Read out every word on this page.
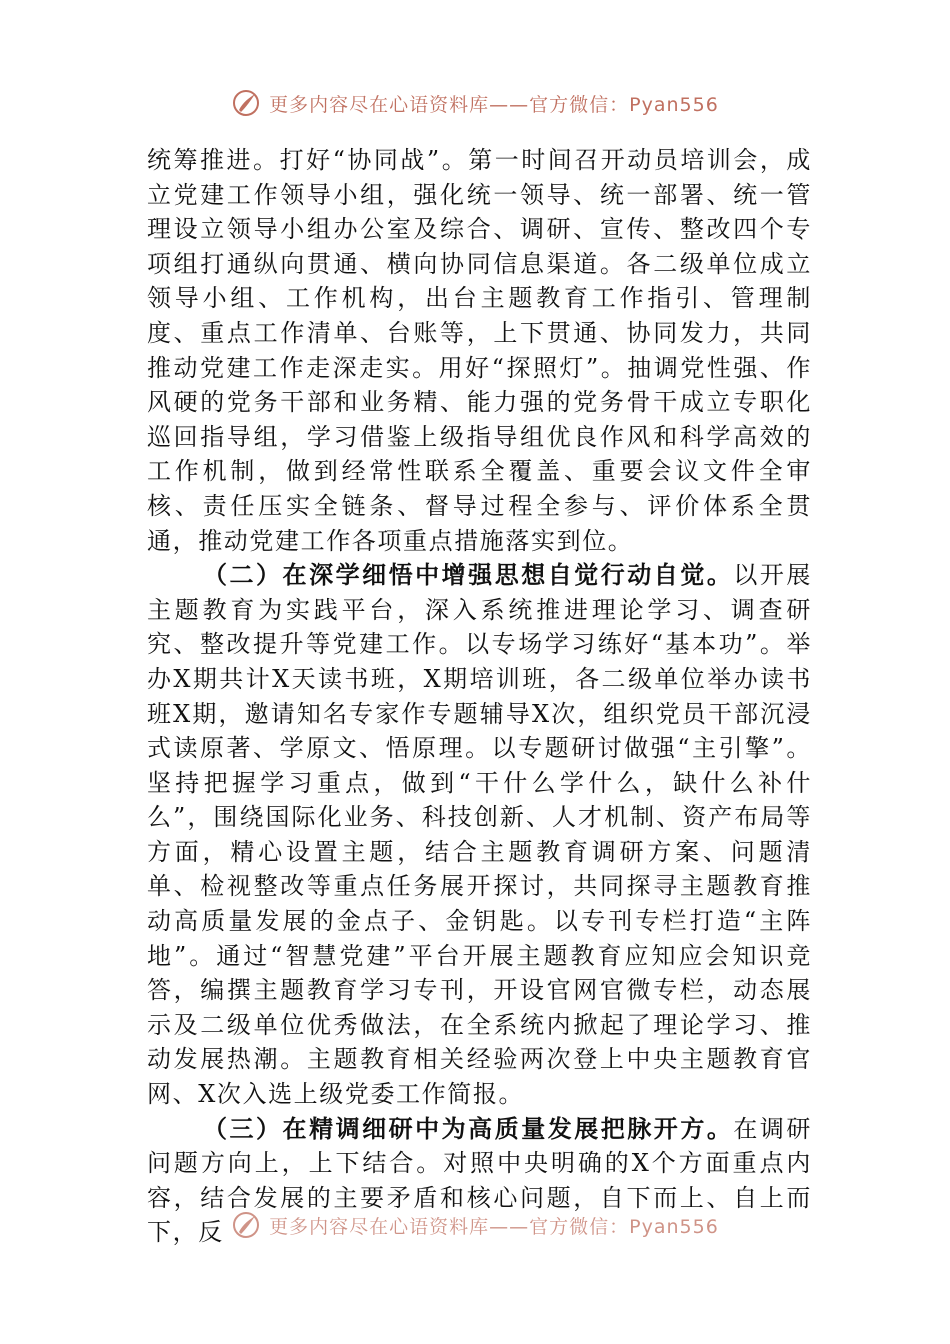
更多内容尽在心语资料库——官方微信：Pyan556

统筹推进。打好“协同战”。第一时间召开动员培训会，成立党建工作领导小组，强化统一领导、统一部署、统一管理设立领导小组办公室及综合、调研、宣传、整改四个专项组打通纵向贯通、横向协同信息渠道。各二级单位成立领导小组、工作机构，出台主题教育工作指引、管理制度、重点工作清单、台账等，上下贯通、协同发力，共同推动党建工作走深走实。用好“探照灯”。抽调党性强、作风硬的党务干部和业务精、能力强的党务骨干成立专职化巡回指导组，学习借鉴上级指导组优良作风和科学高效的工作机制，做到经常性联系全覆盖、重要会议文件全审核、责任压实全链条、督导过程全参与、评价体系全贯通，推动党建工作各项重点措施落实到位。

（二）在深学细悟中增强思想自觉行动自觉。以开展主题教育为实践平台，深入系统推进理论学习、调查研究、整改提升等党建工作。以专场学习练好“基本功”。举办X期共计X天读书班，X期培训班，各二级单位举办读书班X期，邀请知名专家作专题辅导X次，组织党员干部沉浸式读原著、学原文、悟原理。以专题研讨做强“主引擎”。坚持把握学习重点，做到“干什么学什么，缺什么补什么”，围绕国际化业务、科技创新、人才机制、资产布局等方面，精心设置主题，结合主题教育调研方案、问题清单、检视整改等重点任务展开探讨，共同探寻主题教育推动高质量发展的金点子、金钥匙。以专刊专栏打造“主阵地”。通过“智慧党建”平台开展主题教育应知应会知识竞答，编撰主题教育学习专刊，开设官网官微专栏，动态展示及二级单位优秀做法，在全系统内掀起了理论学习、推动发展热潮。主题教育相关经验两次登上中央主题教育官网、X次入选上级党委工作简报。

（三）在精调细研中为高质量发展把脉开方。在调研问题方向上，上下结合。对照中央明确的X个方面重点内容，结合发展的主要矛盾和核心问题，自下而上、自上而下，反	更多内容尽在心语资料库——官方微信：Pyan556
